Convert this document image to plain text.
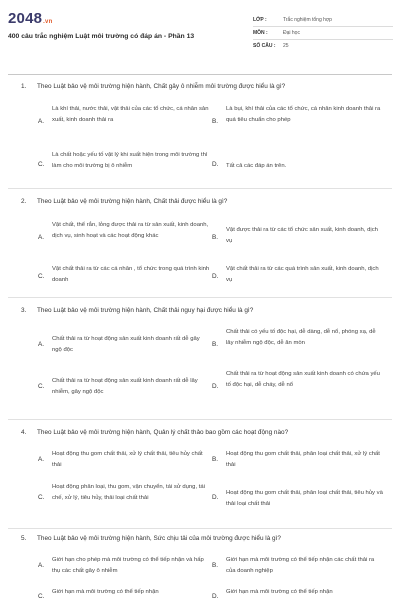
2048.vn
400 câu trắc nghiệm Luật môi trường có đáp án - Phần 13
LỚP :	Trắc nghiệm tổng hợp
MÔN :	Đại học
SỐ CÂU : 25
1. Theo Luật bảo vệ môi trường hiện hành, Chất gây ô nhiễm môi trường được hiểu là gì?
A.
Là khí thải, nước thải, vật thải của các tổ chức, cá nhân sản xuất, kinh doanh thải ra	B.
Là bụi, khí thải của các tổ chức, cá nhân kinh doanh thải ra quá tiêu chuẩn cho phép
C.
Là chất hoặc yếu tố vật lý khi xuất hiện trong môi trường thì làm cho môi trường bị ô nhiễm	D. Tất cả các đáp án trên.
2. Theo Luật bảo vệ môi trường hiện hành, Chất thải được hiểu là gì?
A.
Vật chất, thể rắn, lỏng được thải ra từ sản xuất, kinh doanh, dịch vụ, sinh hoạt và các hoạt động khác	B.
Vật được thải ra từ các tổ chức sản xuất, kinh doanh, dịch vụ
C.
Vật chất thải ra từ các cá nhân , tổ chức trong quá trình kinh doanh	D.
Vật chất thải ra từ các quá trình sản xuất, kinh doanh, dịch vụ
3. Theo Luật bảo vệ môi trường hiện hành, Chất thải nguy hại được hiểu là gì?
A.
Chất thải ra từ hoạt động sản xuất kinh doanh rất dễ gây ngộ độc
B.
Chất thải có yếu tố độc hại, dễ dàng, dễ nổ, phóng xạ, dễ lây nhiễm ngộ độc, dễ ăn mòn
C.
Chất thải ra từ hoạt động sản xuất kinh doanh rất dễ lây nhiễm, gây ngộ độc
D.
Chất thải ra từ hoạt động sản xuất kinh doanh có chứa yếu tố độc hại, dễ cháy, dễ nổ
4. Theo Luật bảo vệ môi trường hiện hành, Quản lý chất thảo bao gồm các hoạt động nào?
A.
Hoạt động thu gom chất thải, xử lý chất thải, tiêu hủy chất thải
B.
Hoạt động thu gom chất thải, phân loại chất thải, xử lý chất thải
C.
Hoạt động phân loại, thu gom, vận chuyển, tái sử dụng, tái chế, xử lý, tiêu hủy, thải loại chất thải	D.
Hoạt động thu gom chất thải, phân loại chất thải, tiêu hủy và thải loại chất thải
5. Theo Luật bảo vệ môi trường hiện hành, Sức chịu tải của môi trường được hiểu là gì?
A.
Giới hạn cho phép mà môi trường có thể tiếp nhận và hấp thụ các chất gây ô nhiễm
B.
Giới hạn mà môi trường có thể tiếp nhận các chất thải ra của doanh nghiệp
C.
Giới hạn mà môi trường có thể tiếp nhận
D.
Giới hạn mà môi trường có thể tiếp nhận
